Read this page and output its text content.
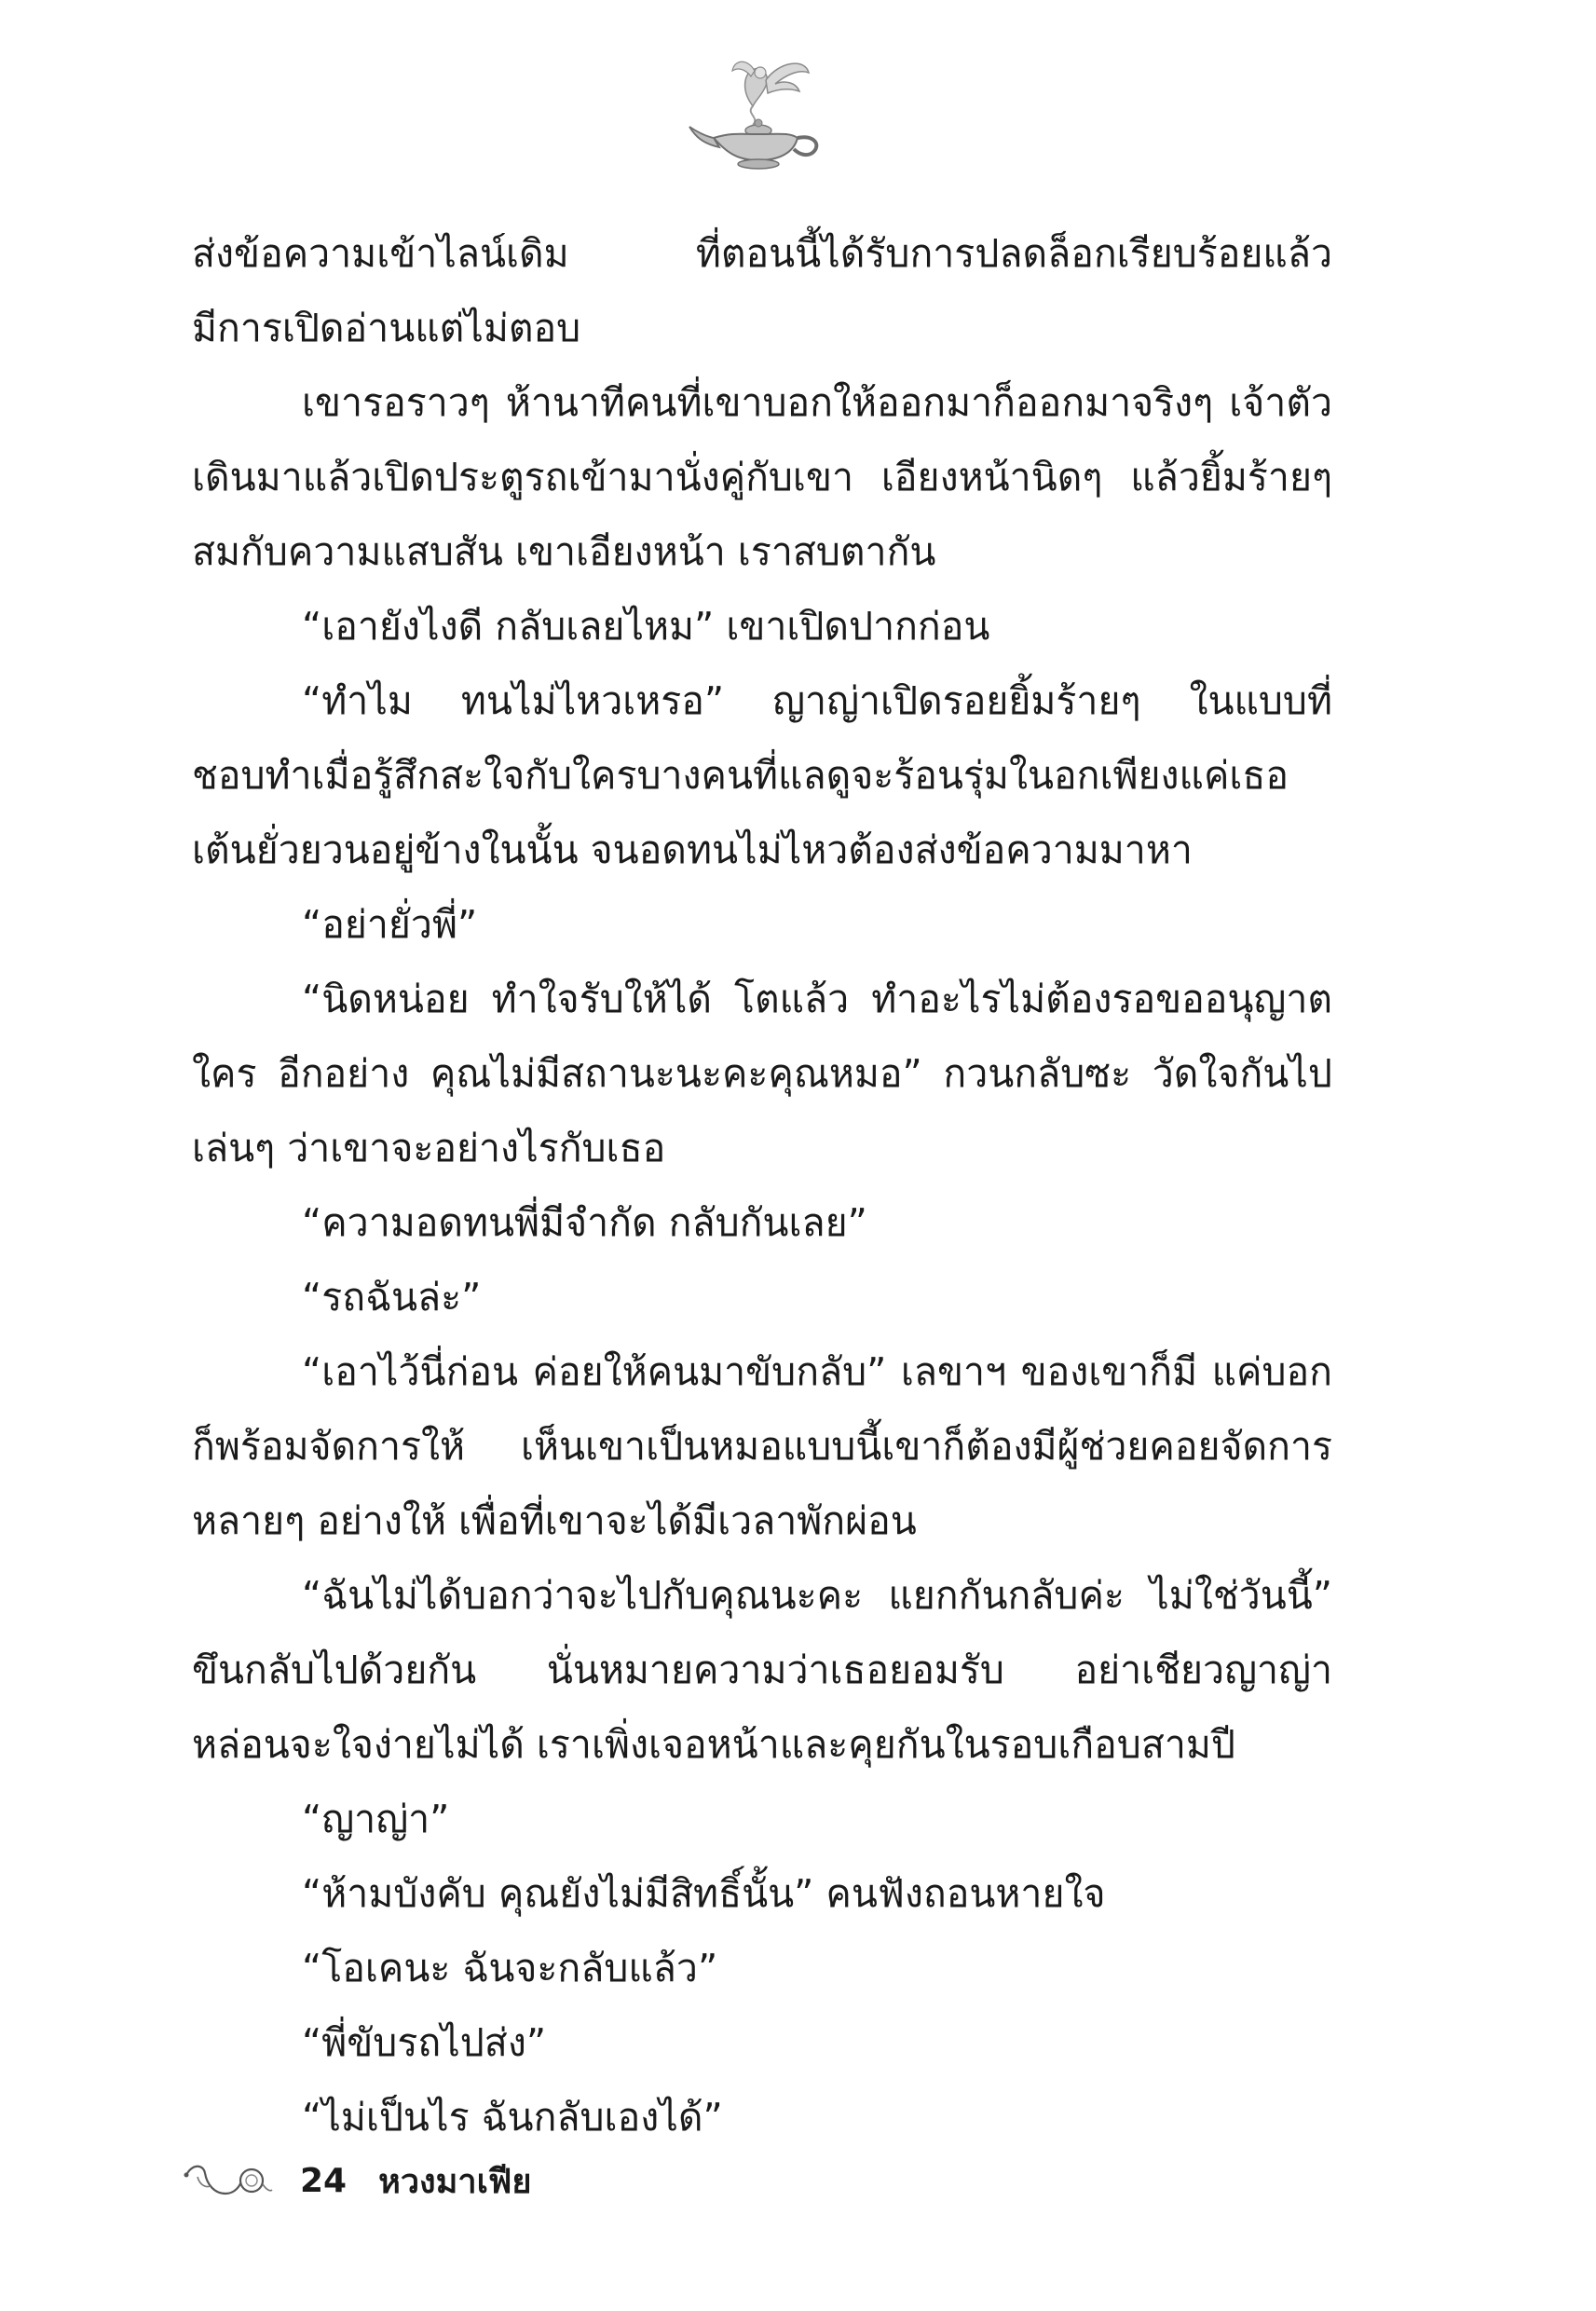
ส่งข้อความเข้าไลน์เดิม	ที่ตอนนี้ได้รับการปลดล็อกเรียบร้อยแล้ว
มีการเปิดอ่านแต่ไม่ตอบ
เขารอราวๆ ห้านาทีคนที่เขาบอกให้ออกมาก็ออกมาจริงๆ เจ้าตัว
เดินมาแล้วเปิดประตูรถเข้ามานั่งคู่กับเขา เอียงหน้านิดๆ แล้วยิ้มร้ายๆ
สมกับความแสบสัน เขาเอียงหน้า เราสบตากัน
“เอายังไงดี กลับเลยไหม” เขาเปิดปากก่อน
“ทำไม ทนไม่ไหวเหรอ” ญาญ่าเปิดรอยยิ้มร้ายๆ ในแบบที่
ชอบทำเมื่อรู้สึกสะใจกับใครบางคนที่แลดูจะร้อนรุ่มในอกเพียงแค่เธอ
เต้นยั่วยวนอยู่ข้างในนั้น จนอดทนไม่ไหวต้องส่งข้อความมาหา
“อย่ายั่วพี่”
“นิดหน่อย ทำใจรับให้ได้ โตแล้ว ทำอะไรไม่ต้องรอขออนุญาต
ใคร อีกอย่าง คุณไม่มีสถานะนะคะคุณหมอ” กวนกลับซะ วัดใจกันไป
เล่นๆ ว่าเขาจะอย่างไรกับเธอ
“ความอดทนพี่มีจำกัด กลับกันเลย”
“รถฉันล่ะ”
“เอาไว้นี่ก่อน ค่อยให้คนมาขับกลับ” เลขาฯ ของเขาก็มี แค่บอก
ก็พร้อมจัดการให้ เห็นเขาเป็นหมอแบบนี้เขาก็ต้องมีผู้ช่วยคอยจัดการ
หลายๆ อย่างให้ เพื่อที่เขาจะได้มีเวลาพักผ่อน
“ฉันไม่ได้บอกว่าจะไปกับคุณนะคะ แยกกันกลับค่ะ ไม่ใช่วันนี้”
ขึนกลับไปด้วยกัน นั่นหมายความว่าเธอยอมรับ อย่าเชียวญาญ่า
หล่อนจะใจง่ายไม่ได้ เราเพิ่งเจอหน้าและคุยกันในรอบเกือบสามปี
“ญาญ่า”
“ห้ามบังคับ คุณยังไม่มีสิทธิ์นั้น” คนฟังถอนหายใจ
“โอเคนะ ฉันจะกลับแล้ว”
“พี่ขับรถไปส่ง”
“ไม่เป็นไร ฉันกลับเองได้”
24 หวงมาเฟีย
